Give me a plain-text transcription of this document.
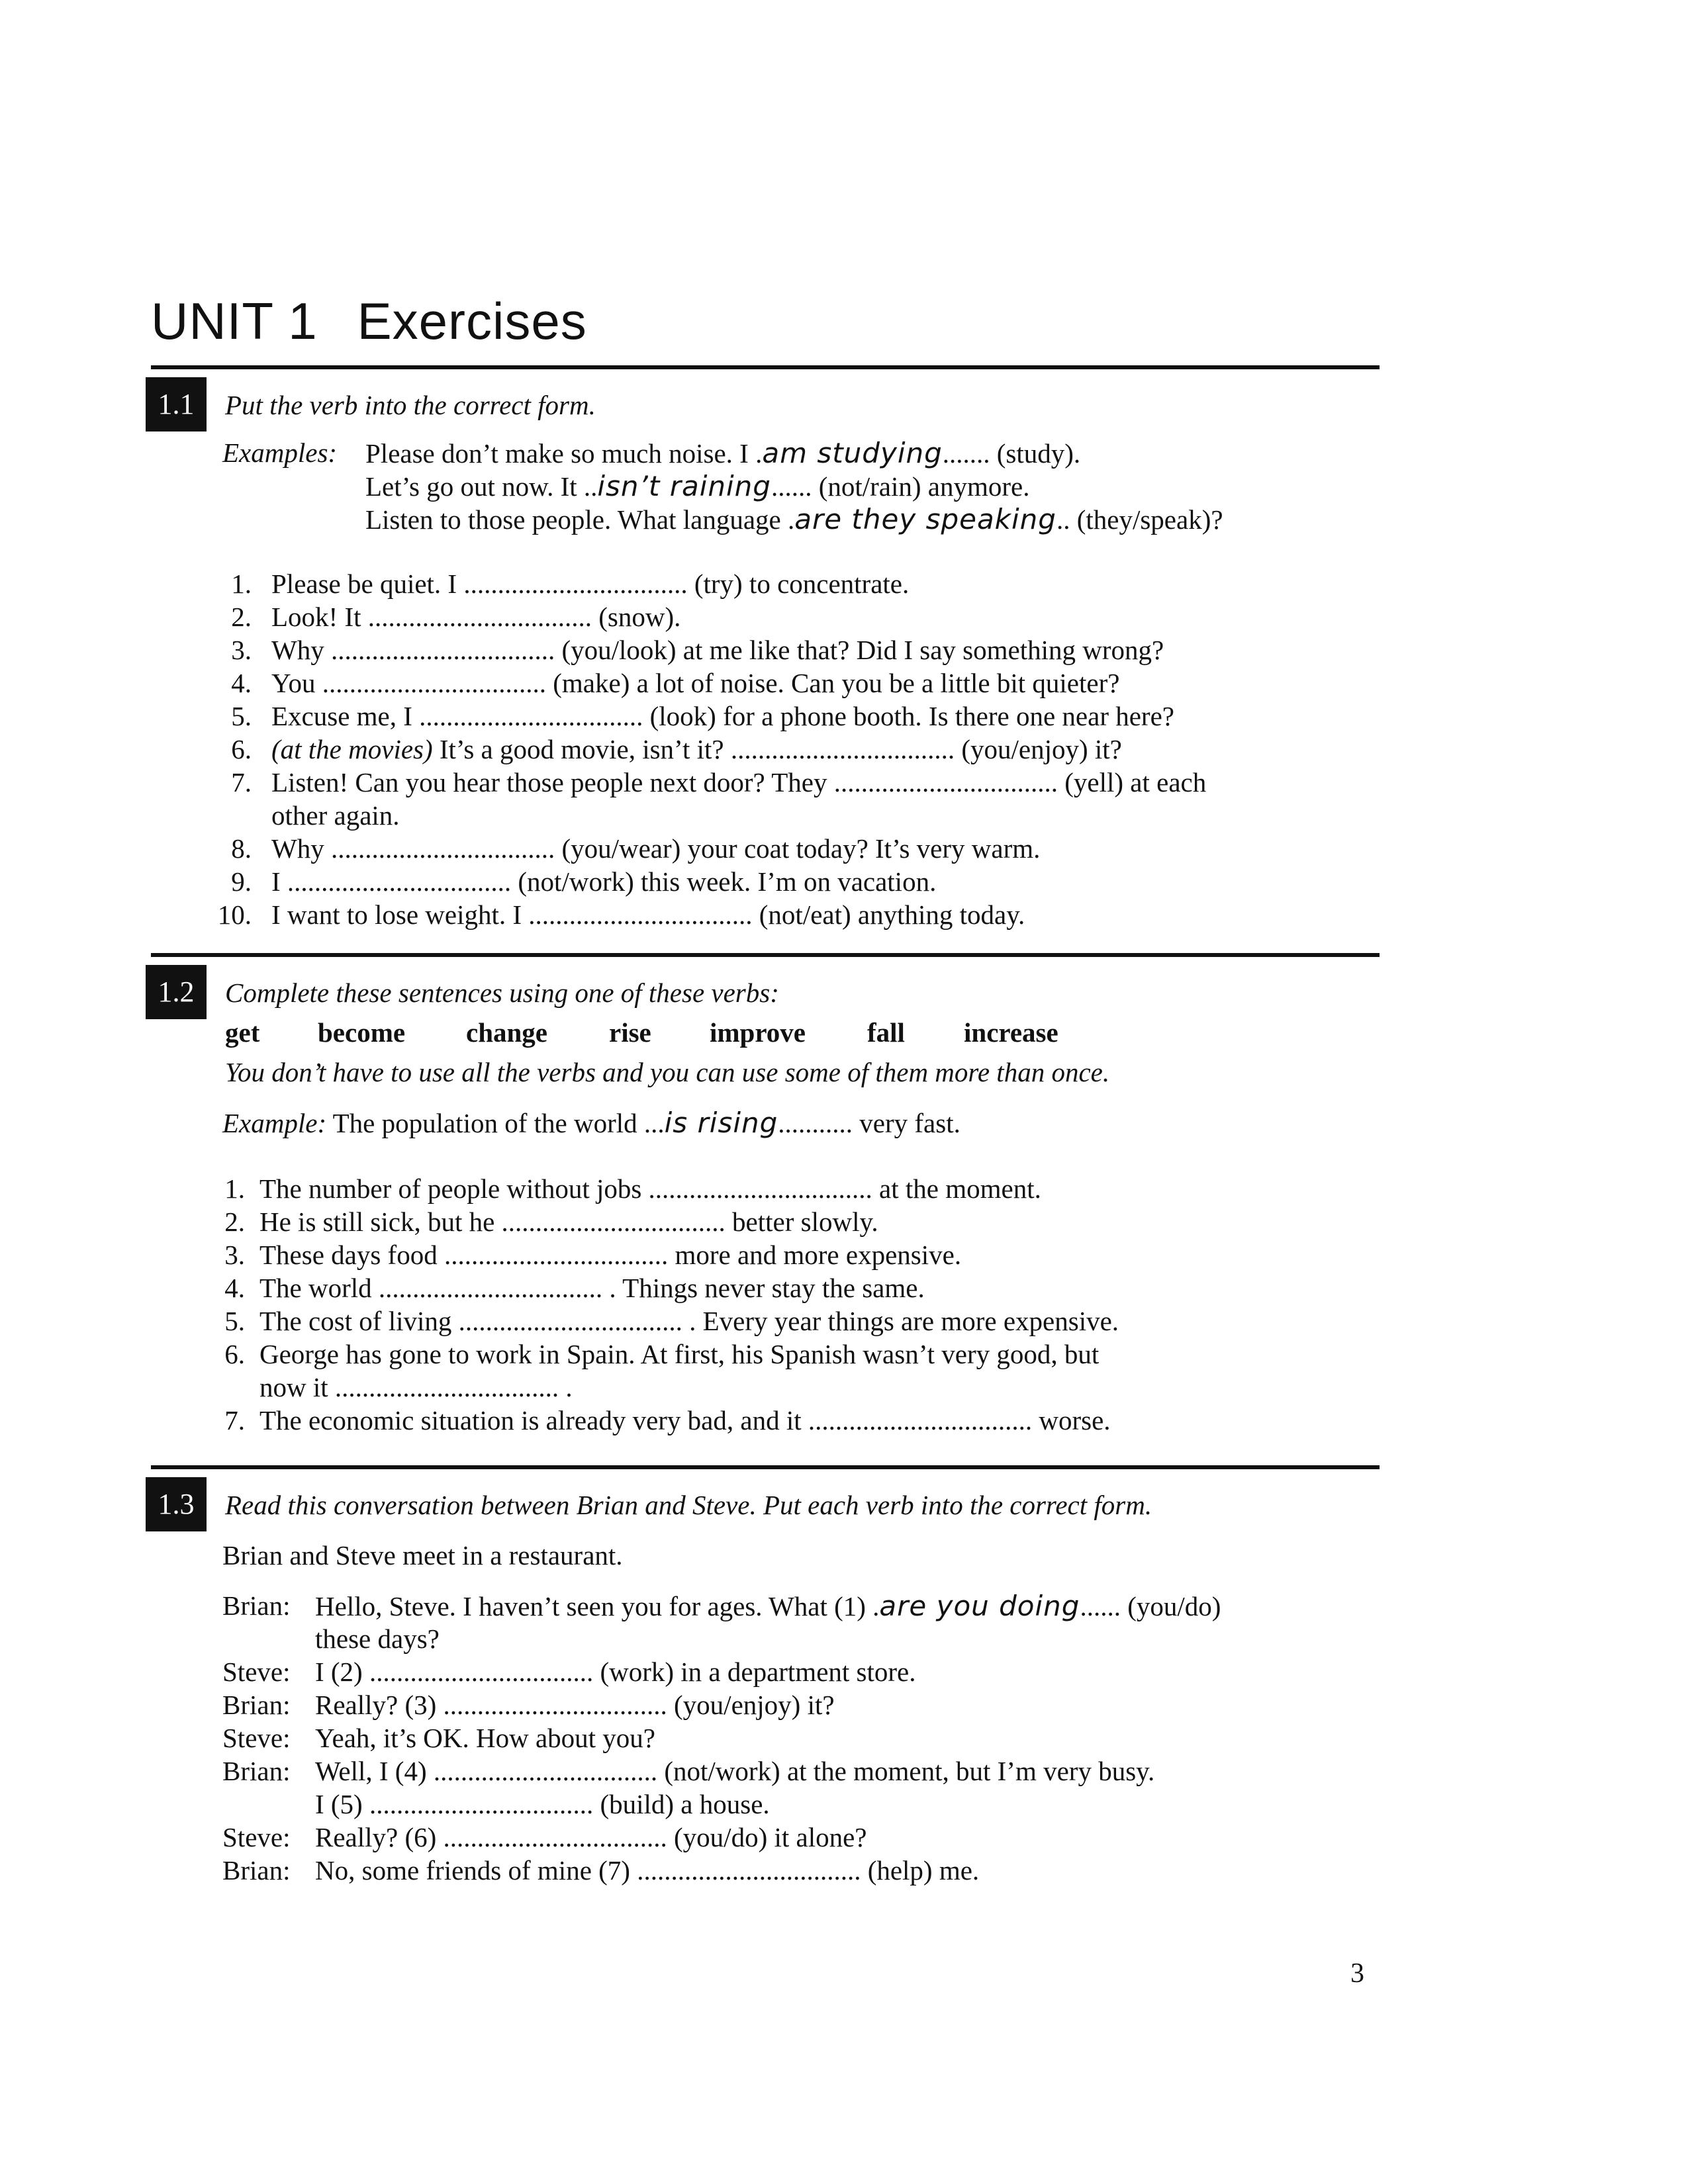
UNIT 1 Exercises
1.1	Put the verb into the correct form.
Examples: Please don’t make so much noise. I .am studying....... (study).
Let’s go out now. It ..isn’t raining...... (not/rain) anymore.
Listen to those people. What language .are they speaking.. (they/speak)?
1. Please be quiet. I ................................. (try) to concentrate.
2. Look! It ................................. (snow).
3. Why ................................. (you/look) at me like that? Did I say something wrong?
4. You ................................. (make) a lot of noise. Can you be a little bit quieter?
5. Excuse me, I ................................. (look) for a phone booth. Is there one near here?
6. (at the movies) It’s a good movie, isn’t it? ................................. (you/enjoy) it?
7. Listen! Can you hear those people next door? They ................................. (yell) at each
other again.
8. Why ................................. (you/wear) your coat today? It’s very warm.
9. I ................................. (not/work) this week. I’m on vacation.
10. I want to lose weight. I ................................. (not/eat) anything today.
1.2	Complete these sentences using one of these verbs:
get become change rise improve fall increase
You don’t have to use all the verbs and you can use some of them more than once.
Example: The population of the world ...is rising........... very fast.
1. The number of people without jobs ................................. at the moment.
2. He is still sick, but he ................................. better slowly.
3. These days food ................................. more and more expensive.
4. The world ................................. . Things never stay the same.
5. The cost of living ................................. . Every year things are more expensive.
6. George has gone to work in Spain. At first, his Spanish wasn’t very good, but
now it ................................. .
7. The economic situation is already very bad, and it ................................. worse.
1.3	Read this conversation between Brian and Steve. Put each verb into the correct form.
Brian and Steve meet in a restaurant.
Brian: Hello, Steve. I haven’t seen you for ages. What (1) .are you doing...... (you/do)
these days?
Steve: I (2) ................................. (work) in a department store.
Brian: Really? (3) ................................. (you/enjoy) it?
Steve: Yeah, it’s OK. How about you?
Brian: Well, I (4) ................................. (not/work) at the moment, but I’m very busy.
I (5) ................................. (build) a house.
Steve: Really? (6) ................................. (you/do) it alone?
Brian: No, some friends of mine (7) ................................. (help) me.
3
